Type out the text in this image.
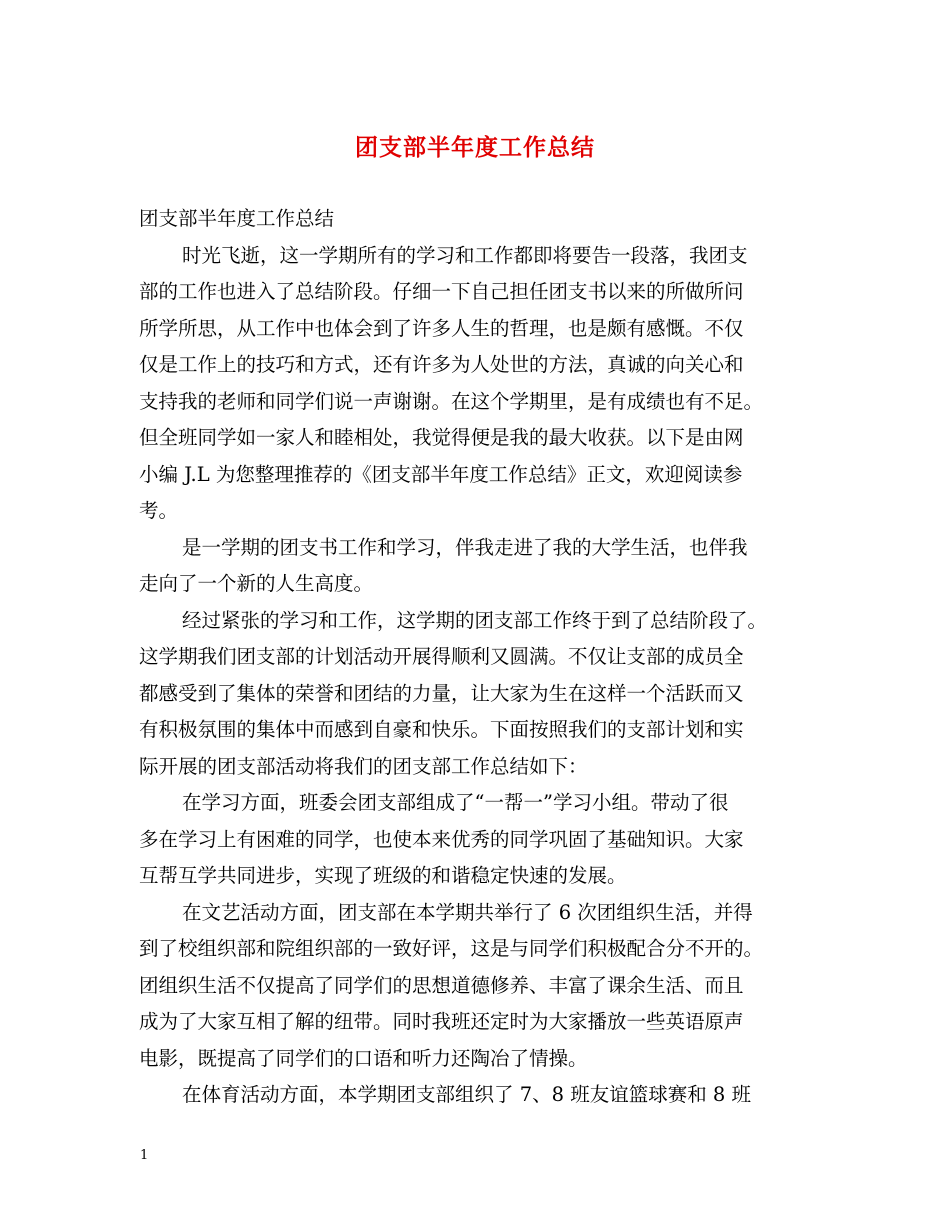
团支部半年度工作总结
团支部半年度工作总结
时光飞逝，这一学期所有的学习和工作都即将要告一段落，我团支
部的工作也进入了总结阶段。仔细一下自己担任团支书以来的所做所问
所学所思，从工作中也体会到了许多人生的哲理，也是颇有感慨。不仅
仅是工作上的技巧和方式，还有许多为人处世的方法，真诚的向关心和
支持我的老师和同学们说一声谢谢。在这个学期里，是有成绩也有不足。
但全班同学如一家人和睦相处，我觉得便是我的最大收获。以下是由网
小编 J.L 为您整理推荐的《团支部半年度工作总结》正文，欢迎阅读参
考。
是一学期的团支书工作和学习，伴我走进了我的大学生活，也伴我
走向了一个新的人生高度。
经过紧张的学习和工作，这学期的团支部工作终于到了总结阶段了。
这学期我们团支部的计划活动开展得顺利又圆满。不仅让支部的成员全
都感受到了集体的荣誉和团结的力量，让大家为生在这样一个活跃而又
有积极氛围的集体中而感到自豪和快乐。下面按照我们的支部计划和实
际开展的团支部活动将我们的团支部工作总结如下：
在学习方面，班委会团支部组成了“一帮一”学习小组。带动了很
多在学习上有困难的同学，也使本来优秀的同学巩固了基础知识。大家
互帮互学共同进步，实现了班级的和谐稳定快速的发展。
在文艺活动方面，团支部在本学期共举行了 6 次团组织生活，并得
到了校组织部和院组织部的一致好评，这是与同学们积极配合分不开的。
团组织生活不仅提高了同学们的思想道德修养、丰富了课余生活、而且
成为了大家互相了解的纽带。同时我班还定时为大家播放一些英语原声
电影，既提高了同学们的口语和听力还陶冶了情操。
在体育活动方面，本学期团支部组织了 7、8 班友谊篮球赛和 8 班
1
